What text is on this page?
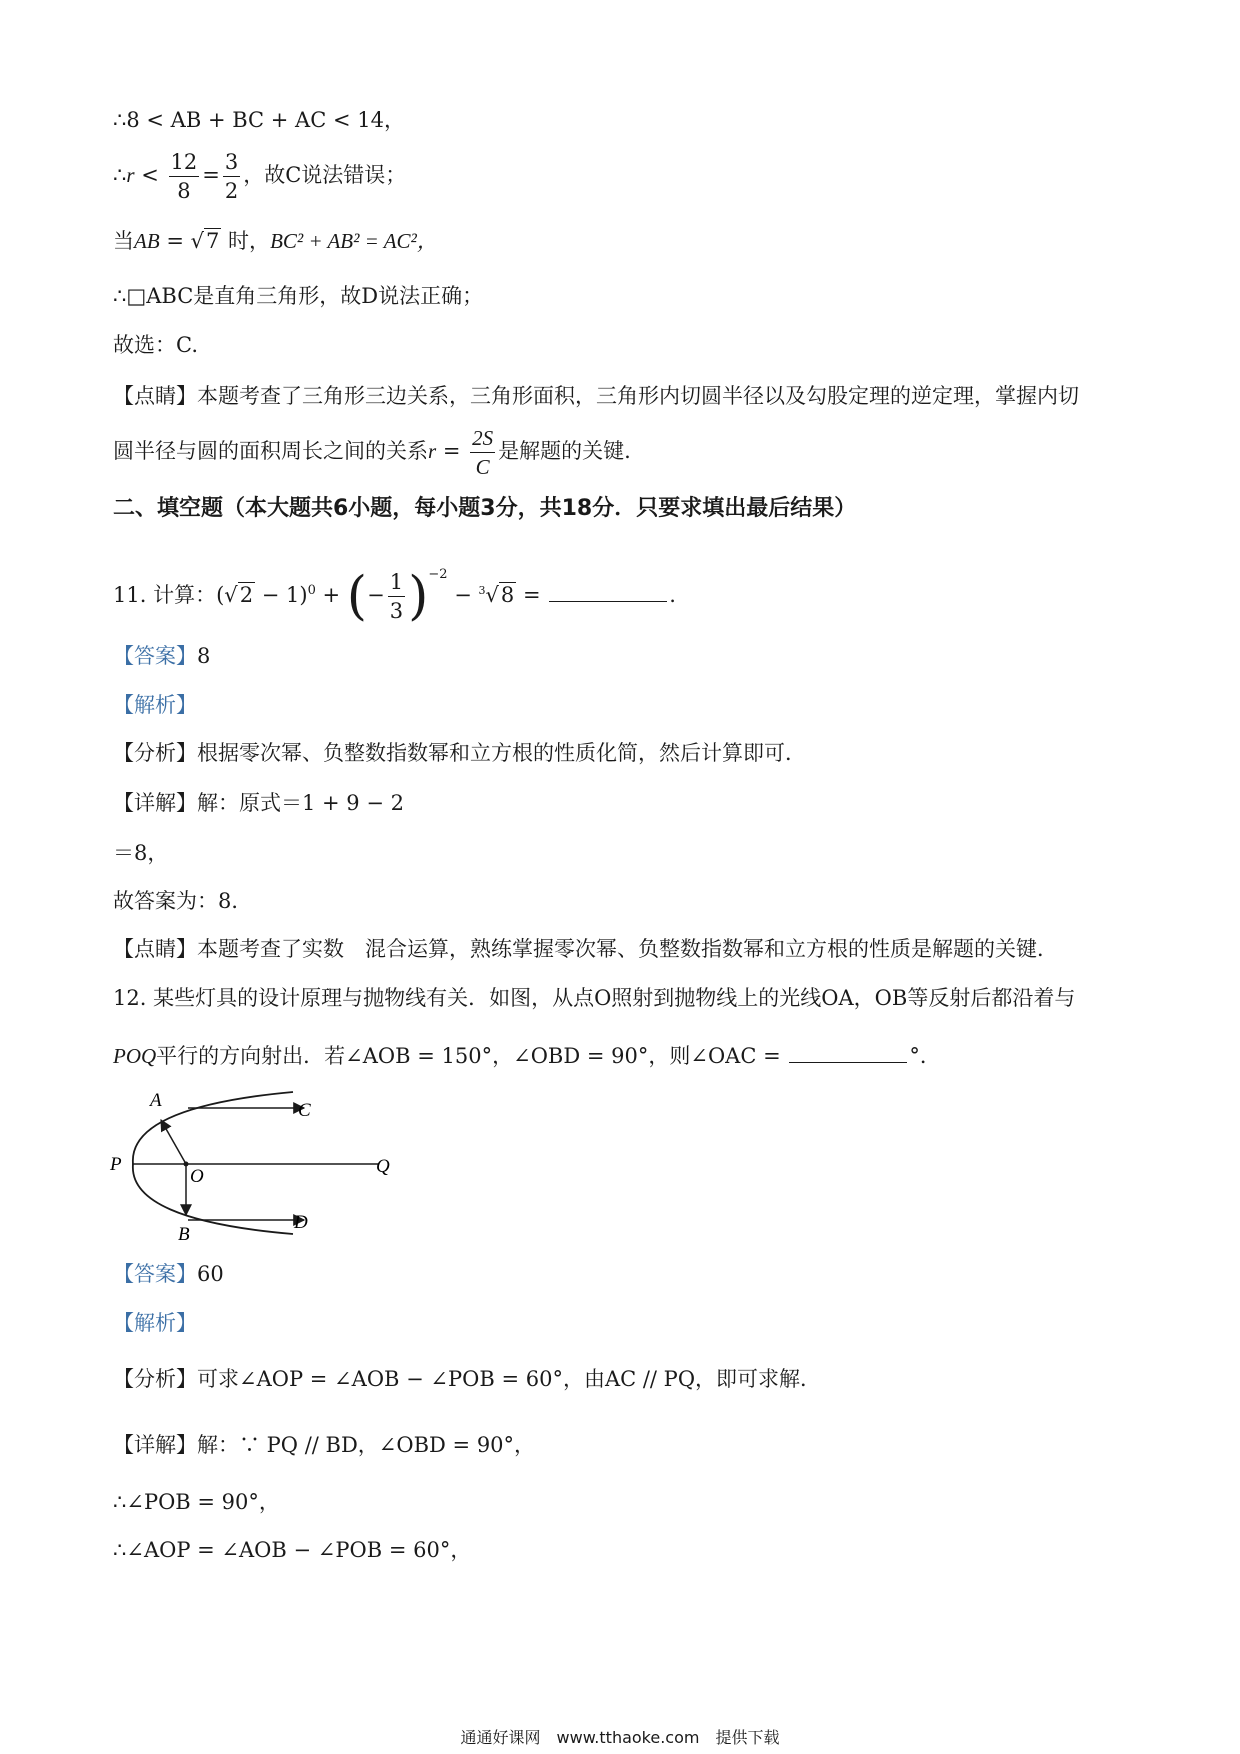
∴8 < AB + BC + AC < 14，
∴r < $\frac{12}{8} = \frac{3}{2}$ ，故C说法错误；
当AB = √7 时，BC² + AB² = AC²，
∴□ABC是直角三角形，故D说法正确；
故选：C.
【点睛】本题考查了三角形三边关系，三角形面积，三角形内切圆半径以及勾股定理的逆定理，掌握内切
圆半径与圆的面积周长之间的关系$r = \frac{2S}{C}$ 是解题的关键.
二、填空题（本大题共6小题，每小题3分，共18分．只要求填出最后结果）
11. 计算：$(√2 - 1)^0$ + (− $\frac{1}{3} )^{-2} - ^3√8$ =	.
【答案】8
【解析】
【分析】根据零次幂、负整数指数幂和立方根的性质化简，然后计算即可．
【详解】解：原式＝1 + 9 − 2
＝8，
故答案为：8．
【点睛】本题考查了实数　混合运算，熟练掌握零次幂、负整数指数幂和立方根的性质是解题的关键．
12. 某些灯具的设计原理与抛物线有关．如图，从点O照射到抛物线上的光线OA，OB等反射后都沿着与
POQ平行的方向射出．若∠AOB = 150°，∠OBD = 90°，则∠OAC =	°．
A
B
C
D
O
P	Q
【答案】60
【解析】
【分析】可求∠AOP = ∠AOB − ∠POB = 60°，由AC // PQ，即可求解．
【详解】解：∵ PQ // BD，∠OBD = 90°，
∴∠POB = 90°，
∴∠AOP = ∠AOB − ∠POB = 60°，
通通好课网　www.tthaoke.com　提供下载
